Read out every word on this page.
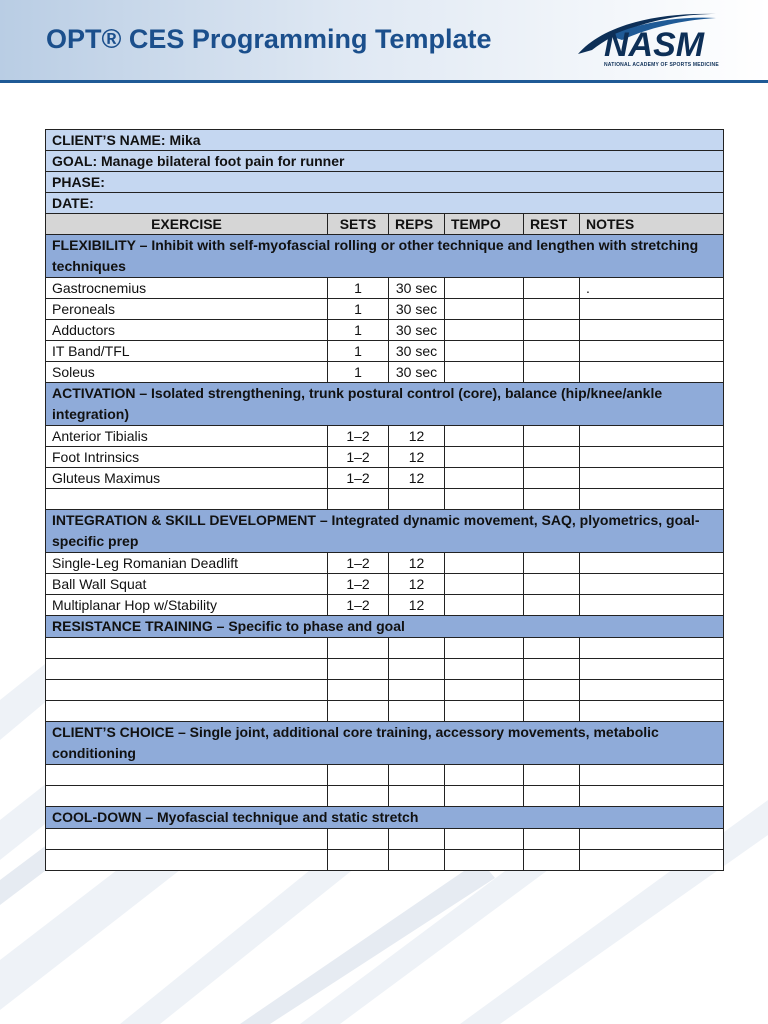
OPT® CES Programming Template	NASM
NATIONAL ACADEMY OF SPORTS MEDICINE
CLIENT’S NAME: Mika					
GOAL: Manage bilateral foot pain for runner					
PHASE:					
DATE:					
EXERCISE	SETS	REPS	TEMPO	REST	NOTES
FLEXIBILITY – Inhibit with self-myofascial rolling or other technique and lengthen with stretching techniques					
Gastrocnemius	1	30 sec			.
Peroneals	1	30 sec			
Adductors	1	30 sec			
IT Band/TFL	1	30 sec			
Soleus	1	30 sec			
ACTIVATION – Isolated strengthening, trunk postural control (core), balance (hip/knee/ankle integration)					
Anterior Tibialis	1–2	12			
Foot Intrinsics	1–2	12			
Gluteus Maximus	1–2	12			

INTEGRATION & SKILL DEVELOPMENT – Integrated dynamic movement, SAQ, plyometrics, goal-specific prep					
Single-Leg Romanian Deadlift	1–2	12			
Ball Wall Squat	1–2	12			
Multiplanar Hop w/Stability	1–2	12			
RESISTANCE TRAINING – Specific to phase and goal					

CLIENT’S CHOICE – Single joint, additional core training, accessory movements, metabolic conditioning					

COOL-DOWN – Myofascial technique and static stretch					
